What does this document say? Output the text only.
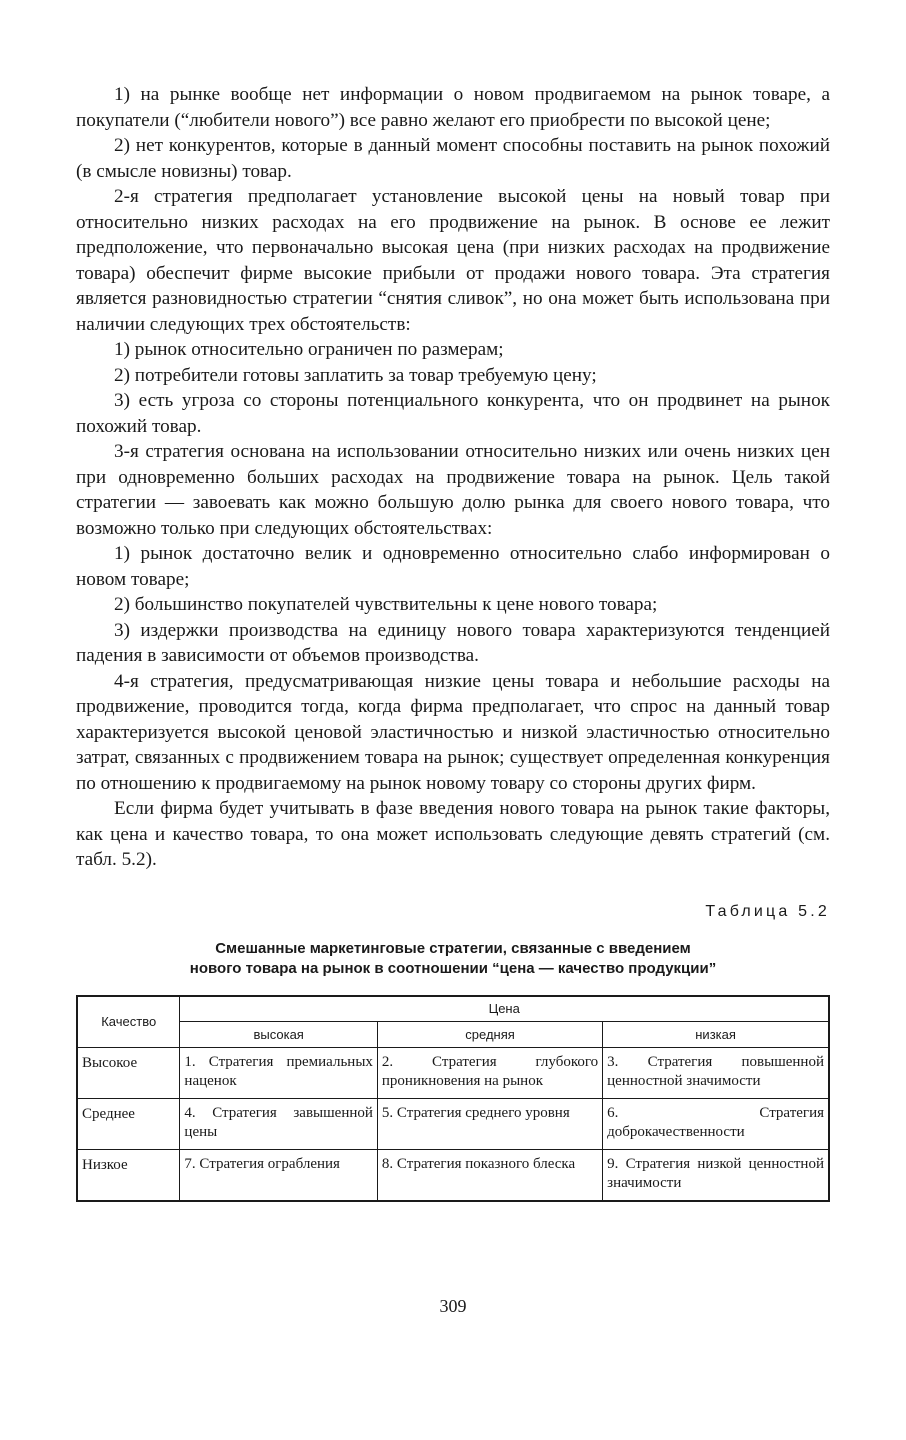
1) на рынке вообще нет информации о новом продвигаемом на рынок товаре, а покупатели (“любители нового”) все равно желают его приобрести по высокой цене;

2) нет конкурентов, которые в данный момент способны поставить на рынок похожий (в смысле новизны) товар.

2-я стратегия предполагает установление высокой цены на новый товар при относительно низких расходах на его продвижение на рынок. В основе ее лежит предположение, что первоначально высокая цена (при низких расходах на продвижение товара) обеспечит фирме высокие прибыли от продажи нового товара. Эта стратегия является разновидностью стратегии “снятия сливок”, но она может быть использована при наличии следующих трех обстоятельств:

1) рынок относительно ограничен по размерам;

2) потребители готовы заплатить за товар требуемую цену;

3) есть угроза со стороны потенциального конкурента, что он продвинет на рынок похожий товар.

3-я стратегия основана на использовании относительно низких или очень низких цен при одновременно больших расходах на продвижение товара на рынок. Цель такой стратегии — завоевать как можно большую долю рынка для своего нового товара, что возможно только при следующих обстоятельствах:

1) рынок достаточно велик и одновременно относительно слабо информирован о новом товаре;

2) большинство покупателей чувствительны к цене нового товара;

3) издержки производства на единицу нового товара характеризуются тенденцией падения в зависимости от объемов производства.

4-я стратегия, предусматривающая низкие цены товара и небольшие расходы на продвижение, проводится тогда, когда фирма предполагает, что спрос на данный товар характеризуется высокой ценовой эластичностью и низкой эластичностью относительно затрат, связанных с продвижением товара на рынок; существует определенная конкуренция по отношению к продвигаемому на рынок новому товару со стороны других фирм.

Если фирма будет учитывать в фазе введения нового товара на рынок такие факторы, как цена и качество товара, то она может использовать следующие девять стратегий (см. табл. 5.2).

Таблица 5.2
Смешанные маркетинговые стратегии, связанные с введением
нового товара на рынок в соотношении “цена — качество продукции”
Качество	Цена		
	высокая	средняя	низкая
Высокое	1. Стратегия премиальных наценок	2. Стратегия глубокого проникновения на рынок	3. Стратегия повышенной ценностной значимости
Среднее	4. Стратегия завышенной цены	5. Стратегия среднего уровня	6. Стратегия доброкачественности
Низкое	7. Стратегия ограбления	8. Стратегия показного блеска	9. Стратегия низкой ценностной значимости
309
